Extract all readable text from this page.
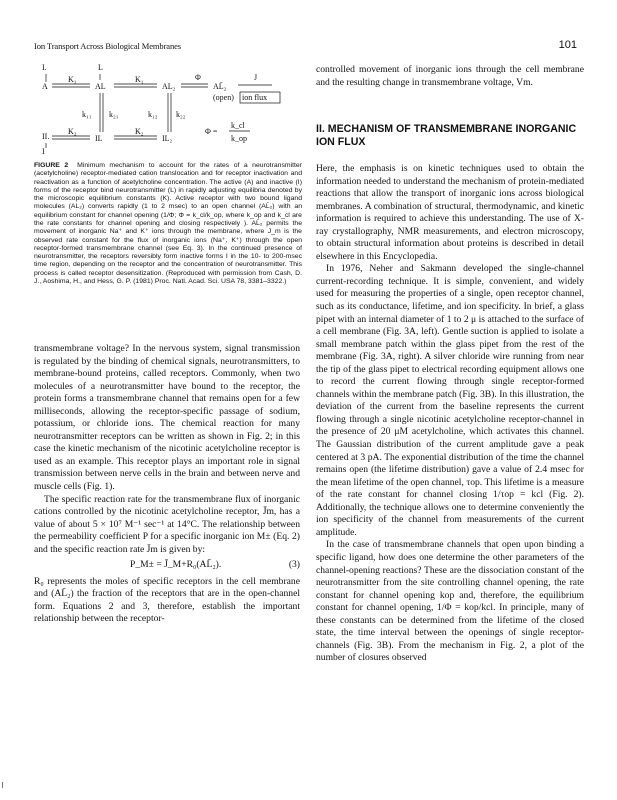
Ion Transport Across Biological Membranes	101
II.
I.	L
A	AL	AL₂	AL̄₂
IL	IL₂
K₁	K₁	Φ	J
(open) ion flux
k₁₁ k₂₁	k₁₂ k₂₂
K₂	K₂
I
Φ =
k_cl
k_op
FIGURE 2 Minimum mechanism to account for the rates of a neurotransmitter (acetylcholine) receptor-mediated cation translocation and for receptor inactivation and reactivation as a function of acetylcholine concentration. The active (A) and inactive (I) forms of the receptor bind neurotransmitter (L) in rapidly adjusting equilibria denoted by the microscopic equilibrium constants (K). Active receptor with two bound ligand molecules (AL₂) converts rapidly (1 to 2 msec) to an open channel (AL̄₂) with an equilibrium constant for channel opening (1/Φ; Φ = k_cl/k_op, where k_op and k_cl are the rate constants for channel opening and closing respectively ). AL̄₂ permits the movement of inorganic Na⁺ and K⁺ ions through the membrane, where J_m is the observed rate constant for the flux of inorganic ions (Na⁺, K⁺) through the open receptor-formed transmembrane channel (see Eq. 3). In the continued presence of neurotransmitter, the receptors reversibly form inactive forms I in the 10- to 200-msec time region, depending on the receptor and the concentration of neurotransmitter. This process is called receptor desensitization. (Reproduced with permission from Cash, D. J., Aoshima, H., and Hess, G. P. (1981) Proc. Natl. Acad. Sci. USA 78, 3381–3322.)

transmembrane voltage? In the nervous system, signal transmission is regulated by the binding of chemical signals, neurotransmitters, to membrane-bound proteins, called receptors. Commonly, when two molecules of a neurotransmitter have bound to the receptor, the protein forms a transmembrane channel that remains open for a few milliseconds, allowing the receptor-specific passage of sodium, potassium, or chloride ions. The chemical reaction for many neurotransmitter receptors can be written as shown in Fig. 2; in this case the kinetic mechanism of the nicotinic acetylcholine receptor is used as an example. This receptor plays an important role in signal transmission between nerve cells in the brain and between nerve and muscle cells (Fig. 1).

The specific reaction rate for the transmembrane flux of inorganic cations controlled by the nicotinic acetylcholine receptor, J̄m, has a value of about 5 × 10⁷ M⁻¹ sec⁻¹ at 14°C. The relationship between the permeability coefficient P for a specific inorganic ion M± (Eq. 2) and the specific reaction rate J̄m is given by:

P_M± = J̄_M+R₀(AL̄₂).	(3)

R₀ represents the moles of specific receptors in the cell membrane and (AL̄₂) the fraction of the receptors that are in the open-channel form. Equations 2 and 3, therefore, establish the important relationship between the receptor-

controlled movement of inorganic ions through the cell membrane and the resulting change in transmembrane voltage, Vm.
II. MECHANISM OF TRANSMEMBRANE INORGANIC ION FLUX

Here, the emphasis is on kinetic techniques used to obtain the information needed to understand the mechanism of protein-mediated reactions that allow the transport of inorganic ions across biological membranes. A combination of structural, thermodynamic, and kinetic information is required to achieve this understanding. The use of X-ray crystallography, NMR measurements, and electron microscopy, to obtain structural information about proteins is described in detail elsewhere in this Encyclopedia.

In 1976, Neher and Sakmann developed the single-channel current-recording technique. It is simple, convenient, and widely used for measuring the properties of a single, open receptor channel, such as its conductance, lifetime, and ion specificity. In brief, a glass pipet with an internal diameter of 1 to 2 μ is attached to the surface of a cell membrane (Fig. 3A, left). Gentle suction is applied to isolate a small membrane patch within the glass pipet from the rest of the membrane (Fig. 3A, right). A silver chloride wire running from near the tip of the glass pipet to electrical recording equipment allows one to record the current flowing through single receptor-formed channels within the membrane patch (Fig. 3B). In this illustration, the deviation of the current from the baseline represents the current flowing through a single nicotinic acetylcholine receptor-channel in the presence of 20 μM acetylcholine, which activates this channel. The Gaussian distribution of the current amplitude gave a peak centered at 3 pA. The exponential distribution of the time the channel remains open (the lifetime distribution) gave a value of 2.4 msec for the mean lifetime of the open channel, τop. This lifetime is a measure of the rate constant for channel closing 1/τop = kcl (Fig. 2). Additionally, the technique allows one to determine conveniently the ion specificity of the channel from measurements of the current amplitude.

In the case of transmembrane channels that open upon binding a specific ligand, how does one determine the other parameters of the channel-opening reactions? These are the dissociation constant of the neurotransmitter from the site controlling channel opening, the rate constant for channel opening kop and, therefore, the equilibrium constant for channel opening, 1/Φ = kop/kcl. In principle, many of these constants can be determined from the lifetime of the closed state, the time interval between the openings of single receptor-channels (Fig. 3B). From the mechanism in Fig. 2, a plot of the number of closures observed
